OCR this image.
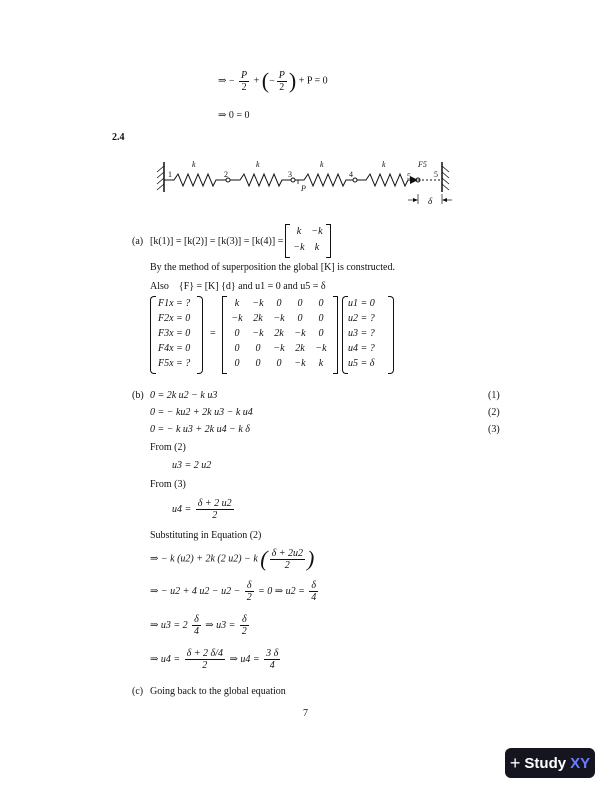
⇒ − $\frac{P}{2}$ + (− $\frac{P}{2}$ ) + P = 0
⇒ 0 = 0
2.4
k	k	k	k
1	2	3	4	5	5
F5
P
δ
(a) [k(1)] = [k(2)] = [k(3)] = [k(4)] =
k	−k
−k	k
By the method of superposition the global [K] is constructed.
Also    {F} = [K] {d} and u1 = 0 and u5 = δ
F1x = ?
F2x = 0
F3x = 0
F4x = 0
F5x = ?
=
u1 = 0
u2 = ?
u3 = ?
u4 = ?
u5 = δ
k	−k	0	0	0
−k	2k	−k	0	0
0	−k	2k	−k	0
0	0	−k	2k	−k
0	0	0	−k	k
(b) 0 = 2k u2 − k u3	(1)
0 = − ku2 + 2k u3 − k u4	(2)
0 = − k u3 + 2k u4 − k δ	(3)
From (2)
u3 = 2 u2
From (3)
$u4 = \frac{\delta + 2 u2}{2}$
Substituting in Equation (2)
⇒ − k (u2) + 2k (2 u2) − k ( $\frac{\delta + 2u2}{2}$ )
⇒ − u2 + 4 $u2 - u2 - \frac{\delta}{2} = 0$ ⇒ $u2 = \frac{\delta}{4}$
⇒ $u3 = 2 \frac{\delta}{4}$ ⇒ $u3 = \frac{\delta}{2}$
⇒ $u4 = \frac{\delta + 2 \delta/4}{2}$ ⇒ $u4 = \frac{3 \delta}{4}$
(c) Going back to the global equation
7
+ Study XY
